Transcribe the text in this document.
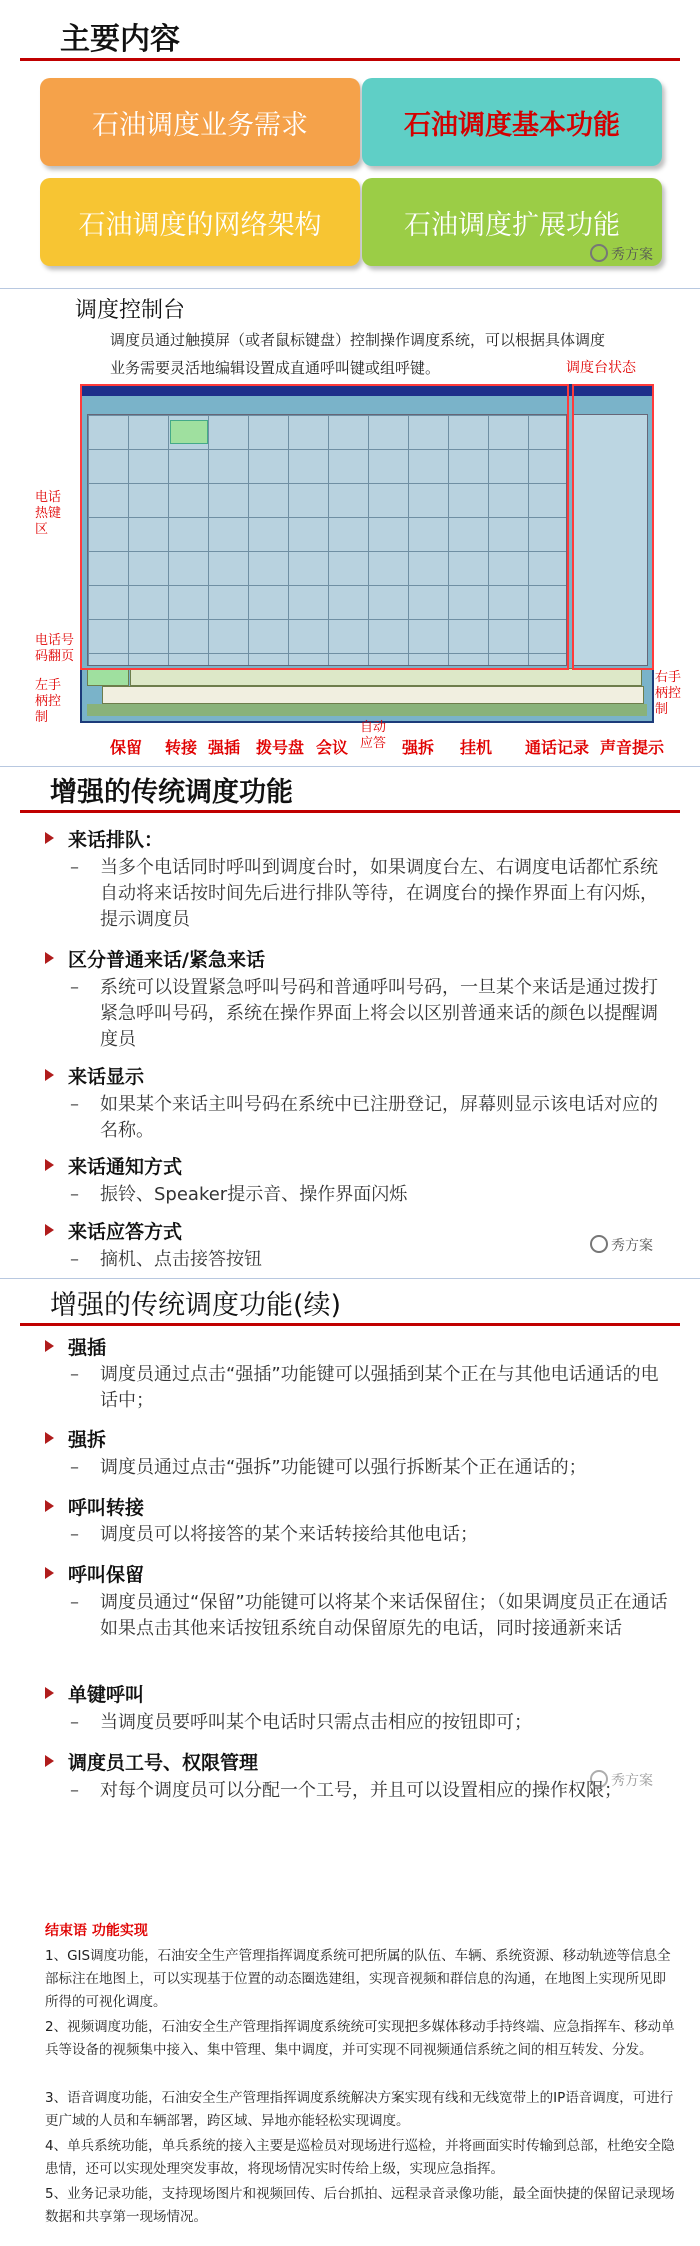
主要内容
石油调度业务需求	石油调度基本功能
石油调度的网络架构	石油调度扩展功能
秀方案
调度控制台
调度员通过触摸屏（或者鼠标键盘）控制操作调度系统，可以根据具体调度
业务需要灵活地编辑设置成直通呼叫键或组呼键。	调度台状态
电话热键区
电话号码翻页
左手柄控制
右手柄控制
保留 转接 强插 拨号盘 会议
自动应答 强拆 挂机 通话记录 声音提示
增强的传统调度功能
来话排队：
– 当多个电话同时呼叫到调度台时，如果调度台左、右调度电话都忙系统自动将来话按时间先后进行排队等待，在调度台的操作界面上有闪烁，提示调度员
区分普通来话/紧急来话
– 系统可以设置紧急呼叫号码和普通呼叫号码，一旦某个来话是通过拨打紧急呼叫号码，系统在操作界面上将会以区别普通来话的颜色以提醒调度员
来话显示
– 如果某个来话主叫号码在系统中已注册登记，屏幕则显示该电话对应的名称。
来话通知方式
– 振铃、Speaker提示音、操作界面闪烁
来话应答方式
– 摘机、点击接答按钮
秀方案
增强的传统调度功能(续)
强插
– 调度员通过点击“强插”功能键可以强插到某个正在与其他电话通话的电话中；
强拆
– 调度员通过点击“强拆”功能键可以强行拆断某个正在通话的；
呼叫转接
– 调度员可以将接答的某个来话转接给其他电话；
呼叫保留
– 调度员通过“保留”功能键可以将某个来话保留住；（如果调度员正在通话如果点击其他来话按钮系统自动保留原先的电话，同时接通新来话
单键呼叫
– 当调度员要呼叫某个电话时只需点击相应的按钮即可；
调度员工号、权限管理
– 对每个调度员可以分配一个工号，并且可以设置相应的操作权限；
秀方案
结束语 功能实现
1、GIS调度功能，石油安全生产管理指挥调度系统可把所属的队伍、车辆、系统资源、移动轨迹等信息全部标注在地图上，可以实现基于位置的动态圈选建组，实现音视频和群信息的沟通，在地图上实现所见即所得的可视化调度。
2、视频调度功能，石油安全生产管理指挥调度系统统可实现把多媒体移动手持终端、应急指挥车、移动单兵等设备的视频集中接入、集中管理、集中调度，并可实现不同视频通信系统之间的相互转发、分发。
3、语音调度功能，石油安全生产管理指挥调度系统解决方案实现有线和无线宽带上的IP语音调度，可进行更广域的人员和车辆部署，跨区域、异地亦能轻松实现调度。
4、单兵系统功能，单兵系统的接入主要是巡检员对现场进行巡检，并将画面实时传输到总部，杜绝安全隐患情，还可以实现处理突发事故，将现场情况实时传给上级，实现应急指挥。
5、业务记录功能，支持现场图片和视频回传、后台抓拍、远程录音录像功能，最全面快捷的保留记录现场数据和共享第一现场情况。
